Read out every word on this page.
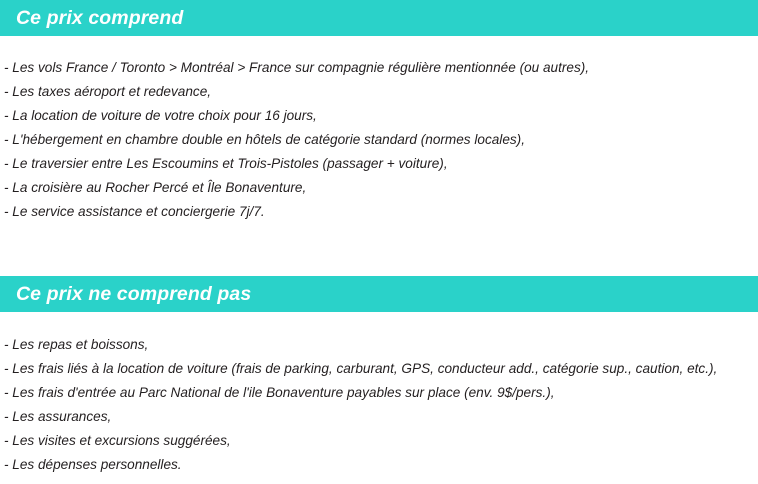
Ce prix comprend
- Les vols France / Toronto > Montréal > France sur compagnie régulière mentionnée (ou autres),
- Les taxes aéroport et redevance,
- La location de voiture de votre choix pour 16 jours,
- L'hébergement en chambre double en hôtels de catégorie standard (normes locales),
- Le traversier entre Les Escoumins et Trois-Pistoles (passager + voiture),
- La croisière au Rocher Percé et Île Bonaventure,
- Le service assistance et conciergerie 7j/7.
Ce prix ne comprend pas
- Les repas et boissons,
- Les frais liés à la location de voiture (frais de parking, carburant, GPS, conducteur add., catégorie sup., caution, etc.),
- Les frais d'entrée au Parc National de l'ile Bonaventure payables sur place (env. 9$/pers.),
- Les assurances,
- Les visites et excursions suggérées,
- Les dépenses personnelles.
